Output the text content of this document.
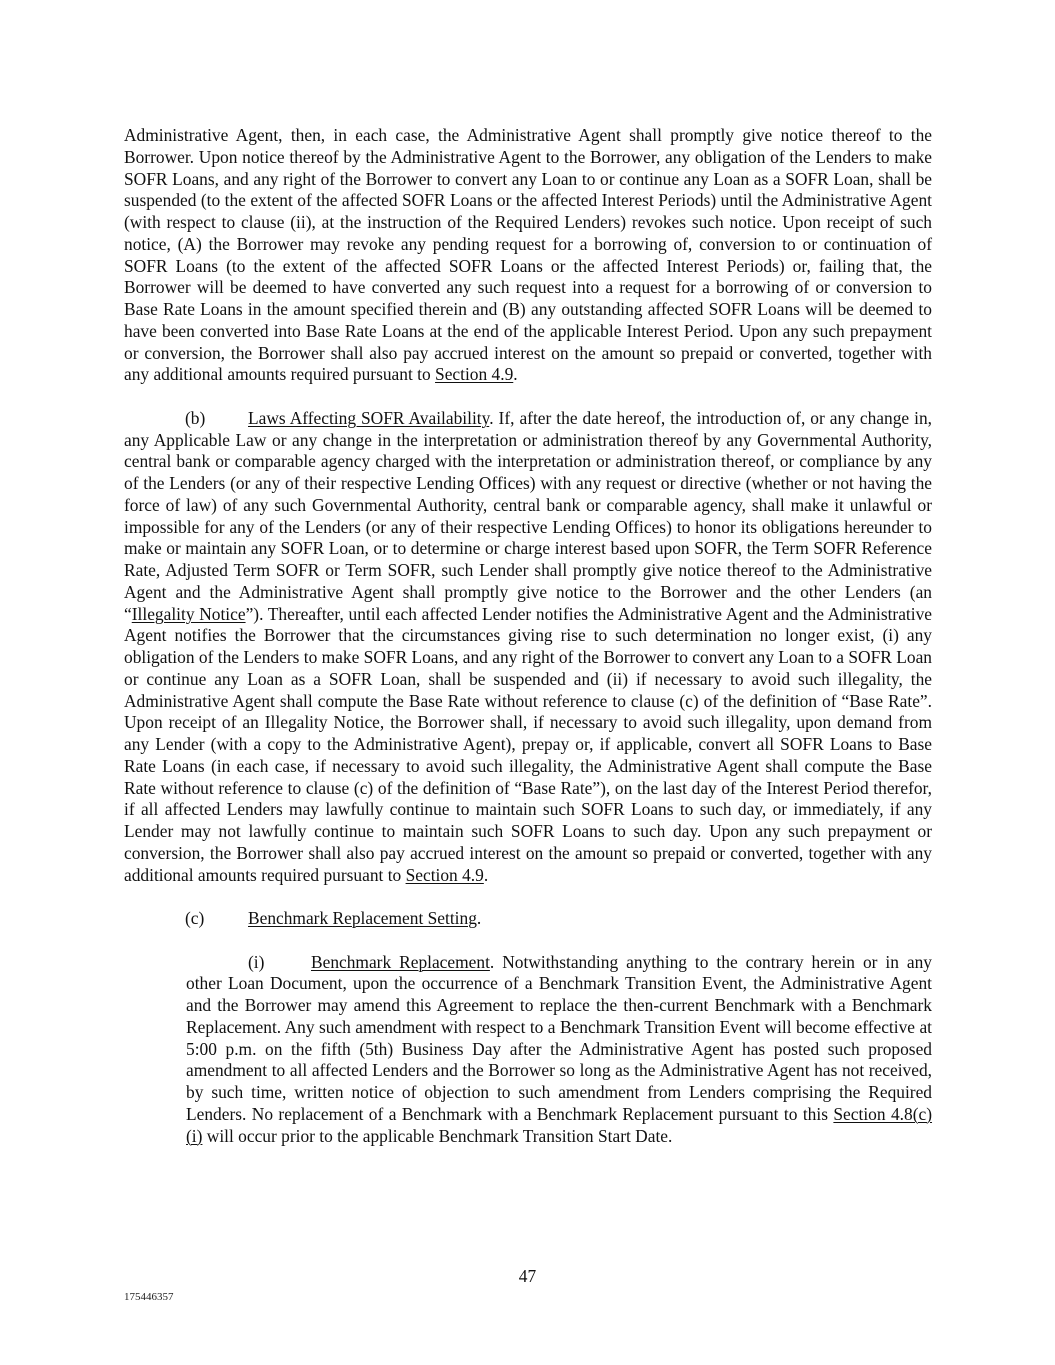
Administrative Agent, then, in each case, the Administrative Agent shall promptly give notice thereof to the Borrower. Upon notice thereof by the Administrative Agent to the Borrower, any obligation of the Lenders to make SOFR Loans, and any right of the Borrower to convert any Loan to or continue any Loan as a SOFR Loan, shall be suspended (to the extent of the affected SOFR Loans or the affected Interest Periods) until the Administrative Agent (with respect to clause (ii), at the instruction of the Required Lenders) revokes such notice. Upon receipt of such notice, (A) the Borrower may revoke any pending request for a borrowing of, conversion to or continuation of SOFR Loans (to the extent of the affected SOFR Loans or the affected Interest Periods) or, failing that, the Borrower will be deemed to have converted any such request into a request for a borrowing of or conversion to Base Rate Loans in the amount specified therein and (B) any outstanding affected SOFR Loans will be deemed to have been converted into Base Rate Loans at the end of the applicable Interest Period. Upon any such prepayment or conversion, the Borrower shall also pay accrued interest on the amount so prepaid or converted, together with any additional amounts required pursuant to Section 4.9.

(b) Laws Affecting SOFR Availability. If, after the date hereof, the introduction of, or any change in, any Applicable Law or any change in the interpretation or administration thereof by any Governmental Authority, central bank or comparable agency charged with the interpretation or administration thereof, or compliance by any of the Lenders (or any of their respective Lending Offices) with any request or directive (whether or not having the force of law) of any such Governmental Authority, central bank or comparable agency, shall make it unlawful or impossible for any of the Lenders (or any of their respective Lending Offices) to honor its obligations hereunder to make or maintain any SOFR Loan, or to determine or charge interest based upon SOFR, the Term SOFR Reference Rate, Adjusted Term SOFR or Term SOFR, such Lender shall promptly give notice thereof to the Administrative Agent and the Administrative Agent shall promptly give notice to the Borrower and the other Lenders (an “Illegality Notice”). Thereafter, until each affected Lender notifies the Administrative Agent and the Administrative Agent notifies the Borrower that the circumstances giving rise to such determination no longer exist, (i) any obligation of the Lenders to make SOFR Loans, and any right of the Borrower to convert any Loan to a SOFR Loan or continue any Loan as a SOFR Loan, shall be suspended and (ii) if necessary to avoid such illegality, the Administrative Agent shall compute the Base Rate without reference to clause (c) of the definition of “Base Rate”. Upon receipt of an Illegality Notice, the Borrower shall, if necessary to avoid such illegality, upon demand from any Lender (with a copy to the Administrative Agent), prepay or, if applicable, convert all SOFR Loans to Base Rate Loans (in each case, if necessary to avoid such illegality, the Administrative Agent shall compute the Base Rate without reference to clause (c) of the definition of “Base Rate”), on the last day of the Interest Period therefor, if all affected Lenders may lawfully continue to maintain such SOFR Loans to such day, or immediately, if any Lender may not lawfully continue to maintain such SOFR Loans to such day. Upon any such prepayment or conversion, the Borrower shall also pay accrued interest on the amount so prepaid or converted, together with any additional amounts required pursuant to Section 4.9.

(c)	Benchmark Replacement Setting.

(i)	Benchmark Replacement. Notwithstanding anything to the contrary herein or in any other Loan Document, upon the occurrence of a Benchmark Transition Event, the Administrative Agent and the Borrower may amend this Agreement to replace the then-current Benchmark with a Benchmark Replacement. Any such amendment with respect to a Benchmark Transition Event will become effective at 5:00 p.m. on the fifth (5th) Business Day after the Administrative Agent has posted such proposed amendment to all affected Lenders and the Borrower so long as the Administrative Agent has not received, by such time, written notice of objection to such amendment from Lenders comprising the Required Lenders. No replacement of a Benchmark with a Benchmark Replacement pursuant to this Section 4.8(c)(i) will occur prior to the applicable Benchmark Transition Start Date.

47
175446357
